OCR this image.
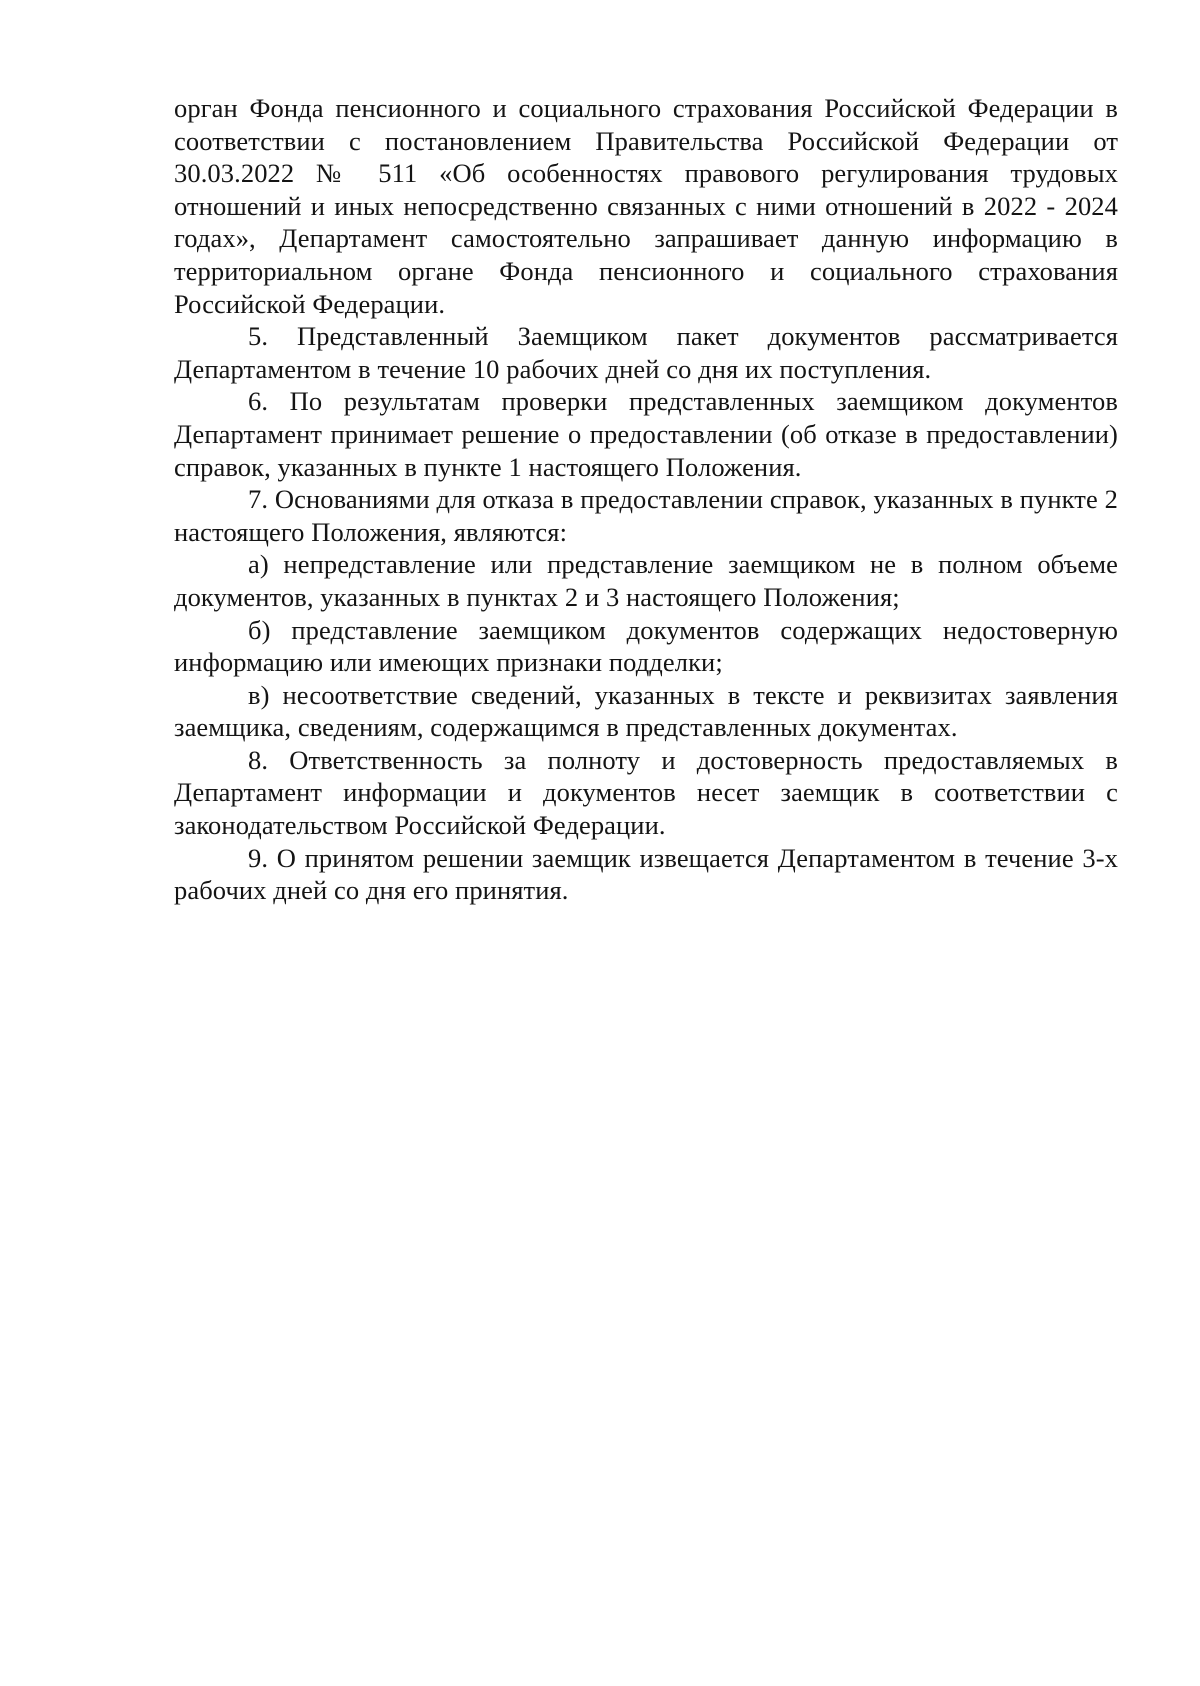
орган Фонда пенсионного и социального страхования Российской Федерации в соответствии с постановлением Правительства Российской Федерации от 30.03.2022 № 511 «Об особенностях правового регулирования трудовых отношений и иных непосредственно связанных с ними отношений в 2022 - 2024 годах», Департамент самостоятельно запрашивает данную информацию в территориальном органе Фонда пенсионного и социального страхования Российской Федерации.

5. Представленный Заемщиком пакет документов рассматривается Департаментом в течение 10 рабочих дней со дня их поступления.

6. По результатам проверки представленных заемщиком документов Департамент принимает решение о предоставлении (об отказе в предоставлении) справок, указанных в пункте 1 настоящего Положения.

7. Основаниями для отказа в предоставлении справок, указанных в пункте 2 настоящего Положения, являются:

а) непредставление или представление заемщиком не в полном объеме документов, указанных в пунктах 2 и 3 настоящего Положения;

б) представление заемщиком документов содержащих недостоверную информацию или имеющих признаки подделки;

в) несоответствие сведений, указанных в тексте и реквизитах заявления заемщика, сведениям, содержащимся в представленных документах.

8. Ответственность за полноту и достоверность предоставляемых в Департамент информации и документов несет заемщик в соответствии с законодательством Российской Федерации.

9. О принятом решении заемщик извещается Департаментом в течение 3-х рабочих дней со дня его принятия.
